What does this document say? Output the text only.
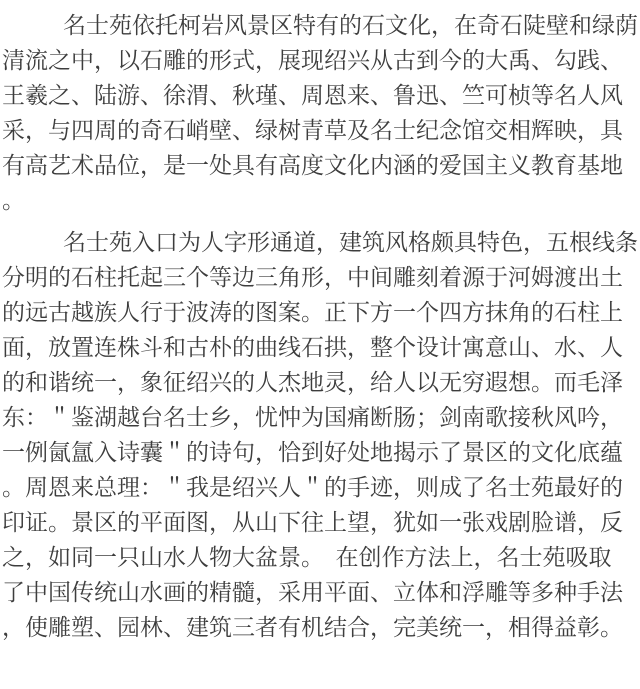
名士苑依托柯岩风景区特有的石文化，在奇石陡壁和绿荫
清流之中，以石雕的形式，展现绍兴从古到今的大禹、勾践、
王羲之、陆游、徐渭、秋瑾、周恩来、鲁迅、竺可桢等名人风
采，与四周的奇石峭壁、绿树青草及名士纪念馆交相辉映，具
有高艺术品位，是一处具有高度文化内涵的爱国主义教育基地
。
名士苑入口为人字形通道，建筑风格颇具特色，五根线条
分明的石柱托起三个等边三角形，中间雕刻着源于河姆渡出土
的远古越族人行于波涛的图案。正下方一个四方抹角的石柱上
面，放置连株斗和古朴的曲线石拱，整个设计寓意山、水、人
的和谐统一，象征绍兴的人杰地灵，给人以无穷遐想。而毛泽
东：＂鉴湖越台名士乡，忧忡为国痛断肠；剑南歌接秋风吟，
一例氤氲入诗囊＂的诗句，恰到好处地揭示了景区的文化底蕴
。周恩来总理：＂我是绍兴人＂的手迹，则成了名士苑最好的
印证。景区的平面图，从山下往上望，犹如一张戏剧脸谱，反
之，如同一只山水人物大盆景。　在创作方法上，名士苑吸取
了中国传统山水画的精髓，采用平面、立体和浮雕等多种手法
，使雕塑、园林、建筑三者有机结合，完美统一，相得益彰。
